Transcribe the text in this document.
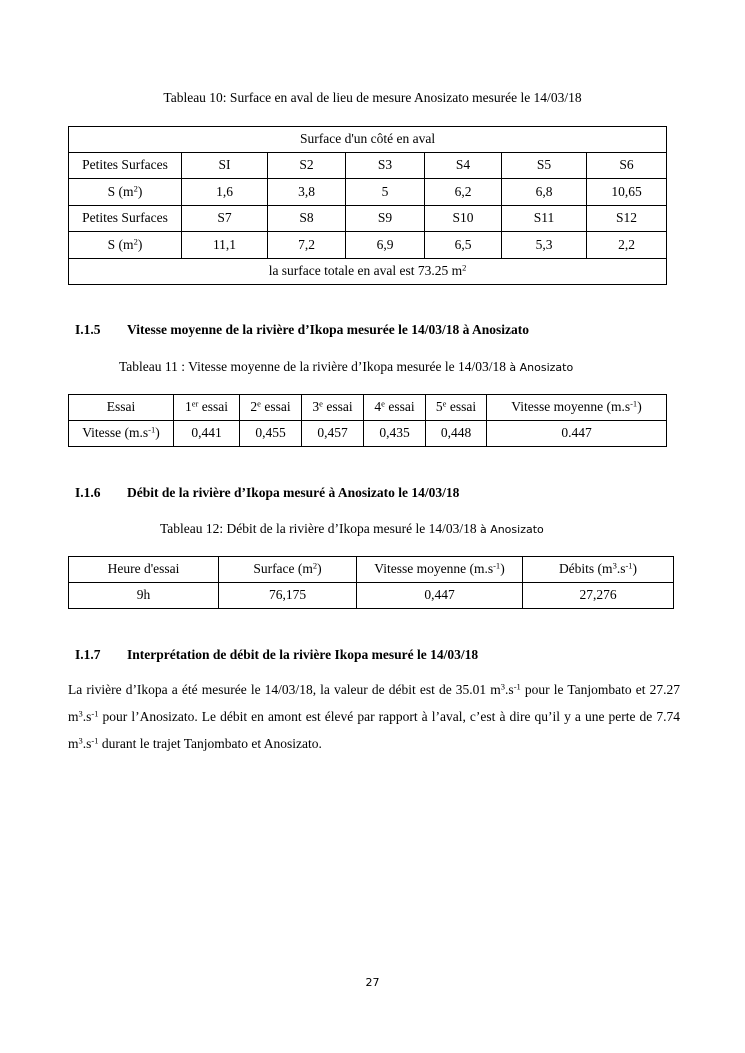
Tableau 10: Surface en aval de lieu de mesure Anosizato mesurée le 14/03/18
Surface d'un côté en aval						
Petites Surfaces	SI	S2	S3	S4	S5	S6
S $(m^2)$	1,6	3,8	5	6,2	6,8	10,65
Petites Surfaces	S7	S8	S9	S10	S11	S12
S $(m^2)$	11,1	7,2	6,9	6,5	5,3	2,2
la surface totale en aval est 73.25 $m^2$
I.1.5 Vitesse moyenne de la rivière d’Ikopa mesurée le 14/03/18 à Anosizato
Tableau 11 : Vitesse moyenne de la rivière d’Ikopa mesurée le 14/03/18 à Anosizato
Essai	1er essai	2e essai	3e essai	4e essai	5e essai	Vitesse moyenne $(m.s^{-1})$
Vitesse $(m.s^{-1})$	0,441	0,455	0,457	0,435	0,448	0.447
I.1.6 Débit de la rivière d’Ikopa mesuré à Anosizato le 14/03/18
Tableau 12: Débit de la rivière d’Ikopa mesuré le 14/03/18 à Anosizato
Heure d'essai	Surface $(m^2)$	Vitesse moyenne $(m.s^{-1})$	Débits $(m^3.s^{-1})$
9h	76,175	0,447	27,276
I.1.7 Interprétation de débit de la rivière Ikopa mesuré le 14/03/18
La rivière d’Ikopa a été mesurée le 14/03/18, la valeur de débit est de 35.01 $m^3.s^{-1}$ pour le Tanjombato et 27.27 $m^3.s^{-1}$ pour l’Anosizato. Le débit en amont est élevé par rapport à l’aval, c’est à dire qu’il y a une perte de 7.74 $m^3.s^{-1}$ durant le trajet Tanjombato et Anosizato.
27
